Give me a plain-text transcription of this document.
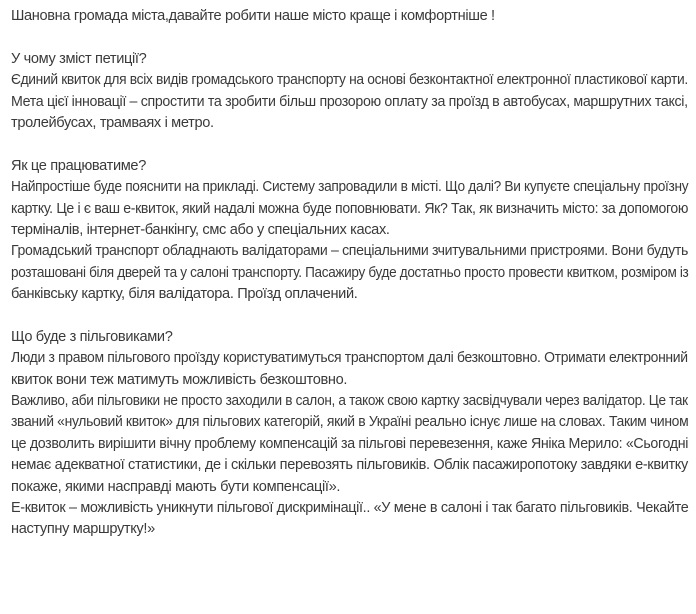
Шановна громада міста,давайте робити наше місто краще і комфортніше !
У чому зміст петиції?
Єдиний квиток для всіх видів громадського транспорту на основі безконтактної електронної пластикової карти.
Мета цієї інновації – спростити та зробити більш прозорою оплату за проїзд в автобусах, маршрутних таксі,
тролейбусах, трамваях і метро.
Як це працюватиме?
Найпростіше буде пояснити на прикладі. Систему запровадили в місті. Що далі? Ви купуєте спеціальну проїзну
картку. Це і є ваш е-квиток, який надалі можна буде поповнювати. Як? Так, як визначить місто: за допомогою
терміналів, інтернет-банкінгу, смс або у спеціальних касах.
Громадський транспорт обладнають валідаторами – спеціальними зчитувальними пристроями. Вони будуть
розташовані біля дверей та у салоні транспорту. Пасажиру буде достатньо просто провести квитком, розміром із
банківську картку, біля валідатора. Проїзд оплачений.
Що буде з пільговиками?
Люди з правом пільгового проїзду користуватимуться транспортом далі безкоштовно. Отримати електронний
квиток вони теж матимуть можливість безкоштовно.
Важливо, аби пільговики не просто заходили в салон, а також свою картку засвідчували через валідатор. Це так
званий «нульовий квиток» для пільгових категорій, який в Україні реально існує лише на словах. Таким чином
це дозволить вирішити вічну проблему компенсацій за пільгові перевезення, каже Яніка Мерило: «Сьогодні
немає адекватної статистики, де і скільки перевозять пільговиків. Облік пасажиропотоку завдяки е-квитку
покаже, якими насправді мають бути компенсації».
Е-квиток – можливість уникнути пільгової дискримінації.. «У мене в салоні і так багато пільговиків. Чекайте
наступну маршрутку!»
